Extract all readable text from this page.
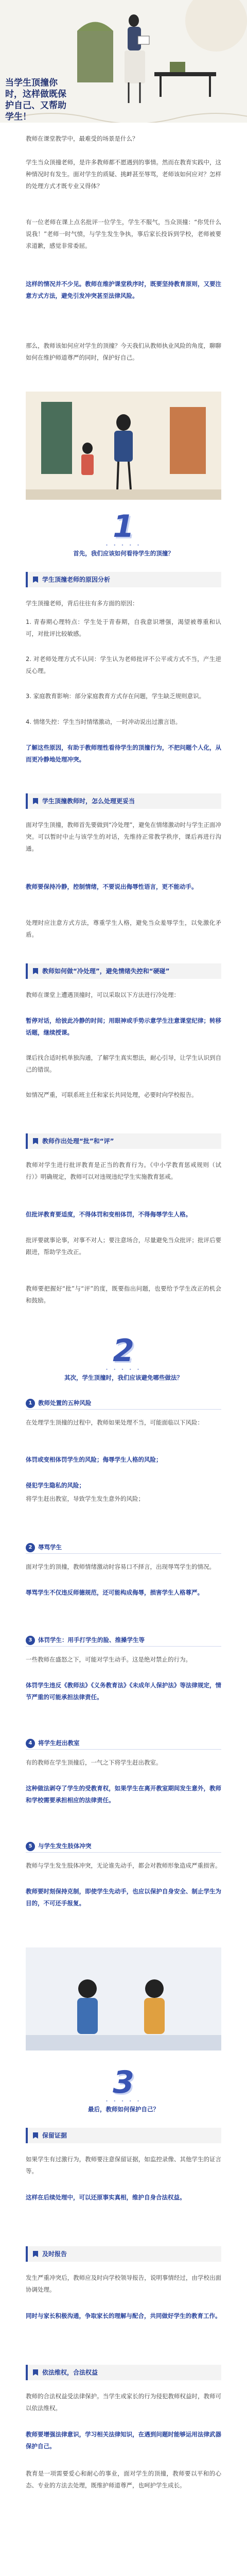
当学生顶撞你时，这样做既保护自己、又帮助学生！
教师在课堂教学中，最难受的场景是什么？
学生当众顶撞老师，是许多教师都不愿遇到的事情。然而在教育实践中，这种情况时有发生。面对学生的质疑、挑衅甚至辱骂，老师该如何应对？怎样的处理方式才既专业又得体？
有一位老师在课上点名批评一位学生，学生不服气，当众顶撞：“你凭什么说我！”老师一时气愤，与学生发生争执，事后家长投诉到学校，老师被要求道歉，感觉非常委屈。
这样的情况并不少见。教师在维护课堂秩序时，既要坚持教育原则，又要注意方式方法，避免引发冲突甚至法律风险。
那么，教师该如何应对学生的顶撞？今天我们从教师执业风险的角度，聊聊如何在维护师道尊严的同时，保护好自己。
1
• • • • •
首先，我们应该如何看待学生的顶撞？
学生顶撞老师的原因分析
学生顶撞老师，背后往往有多方面的原因：
1. 青春期心理特点：学生处于青春期，自我意识增强，渴望被尊重和认可，对批评比较敏感。
2. 对老师处理方式不认同：学生认为老师批评不公平或方式不当，产生逆反心理。
3. 家庭教育影响：部分家庭教育方式存在问题，学生缺乏规则意识。
4. 情绪失控：学生当时情绪激动，一时冲动说出过激言语。
了解这些原因，有助于教师理性看待学生的顶撞行为，不把问题个人化，从而更冷静地处理冲突。
学生顶撞教师时，怎么处理更妥当
面对学生顶撞，教师首先要做到“冷处理”，避免在情绪激动时与学生正面冲突。可以暂时中止与该学生的对话，先维持正常教学秩序，课后再进行沟通。
教师要保持冷静，控制情绪，不要说出侮辱性语言，更不能动手。
处理时应注意方式方法，尊重学生人格，避免当众羞辱学生，以免激化矛盾。
教师如何做“冷处理”，避免情绪失控和“硬碰”
教师在课堂上遭遇顶撞时，可以采取以下方法进行冷处理：
暂停对话，给彼此冷静的时间；用眼神或手势示意学生注意课堂纪律；转移话题，继续授课。
课后找合适时机单独沟通，了解学生真实想法，耐心引导，让学生认识到自己的错误。
如情况严重，可联系班主任和家长共同处理，必要时向学校报告。
教师作出处理“批”和“评”
教师对学生进行批评教育是正当的教育行为。《中小学教育惩戒规则（试行）》明确规定，教师可以对违规违纪学生实施教育惩戒。
但批评教育要适度，不得体罚和变相体罚，不得侮辱学生人格。
批评要就事论事，对事不对人；要注意场合，尽量避免当众批评；批评后要跟进，帮助学生改正。
教师要把握好“批”与“评”的度，既要指出问题，也要给予学生改正的机会和鼓励。
2
• • • • •
其次，学生顶撞时，我们应该避免哪些做法？
1 教师处置的五种风险
在处理学生顶撞的过程中，教师如果处理不当，可能面临以下风险：
体罚或变相体罚学生的风险；侮辱学生人格的风险；
侵犯学生隐私的风险；
将学生赶出教室，导致学生发生意外的风险；
2 辱骂学生
面对学生的顶撞，教师情绪激动时容易口不择言，出现辱骂学生的情况。
辱骂学生不仅违反师德规范，还可能构成侮辱，损害学生人格尊严。
3 体罚学生：用手打学生的脸、推搡学生等
一些教师在盛怒之下，可能对学生动手。这是绝对禁止的行为。
体罚学生违反《教师法》《义务教育法》《未成年人保护法》等法律规定，情节严重的可能承担法律责任。
4 将学生赶出教室
有的教师在学生顶撞后，一气之下将学生赶出教室。
这种做法剥夺了学生的受教育权，如果学生在离开教室期间发生意外，教师和学校需要承担相应的法律责任。
5 与学生发生肢体冲突
教师与学生发生肢体冲突，无论谁先动手，都会对教师形象造成严重损害。
教师要时刻保持克制，即使学生先动手，也应以保护自身安全、制止学生为目的，不可还手报复。
3
• • • • •
最后，教师如何保护自己？
保留证据
如果学生有过激行为，教师要注意保留证据，如监控录像、其他学生的证言等。
这样在后续处理中，可以还原事实真相，维护自身合法权益。
及时报告
发生严重冲突后，教师应及时向学校领导报告，说明事情经过，由学校出面协调处理。
同时与家长积极沟通，争取家长的理解与配合，共同做好学生的教育工作。
依法维权，合法权益
教师的合法权益受法律保护。当学生或家长的行为侵犯教师权益时，教师可以依法维权。
教师要增强法律意识，学习相关法律知识，在遇到问题时能够运用法律武器保护自己。
教育是一项需要爱心和耐心的事业，面对学生的顶撞，教师要以平和的心态、专业的方法去处理，既维护师道尊严，也呵护学生成长。
